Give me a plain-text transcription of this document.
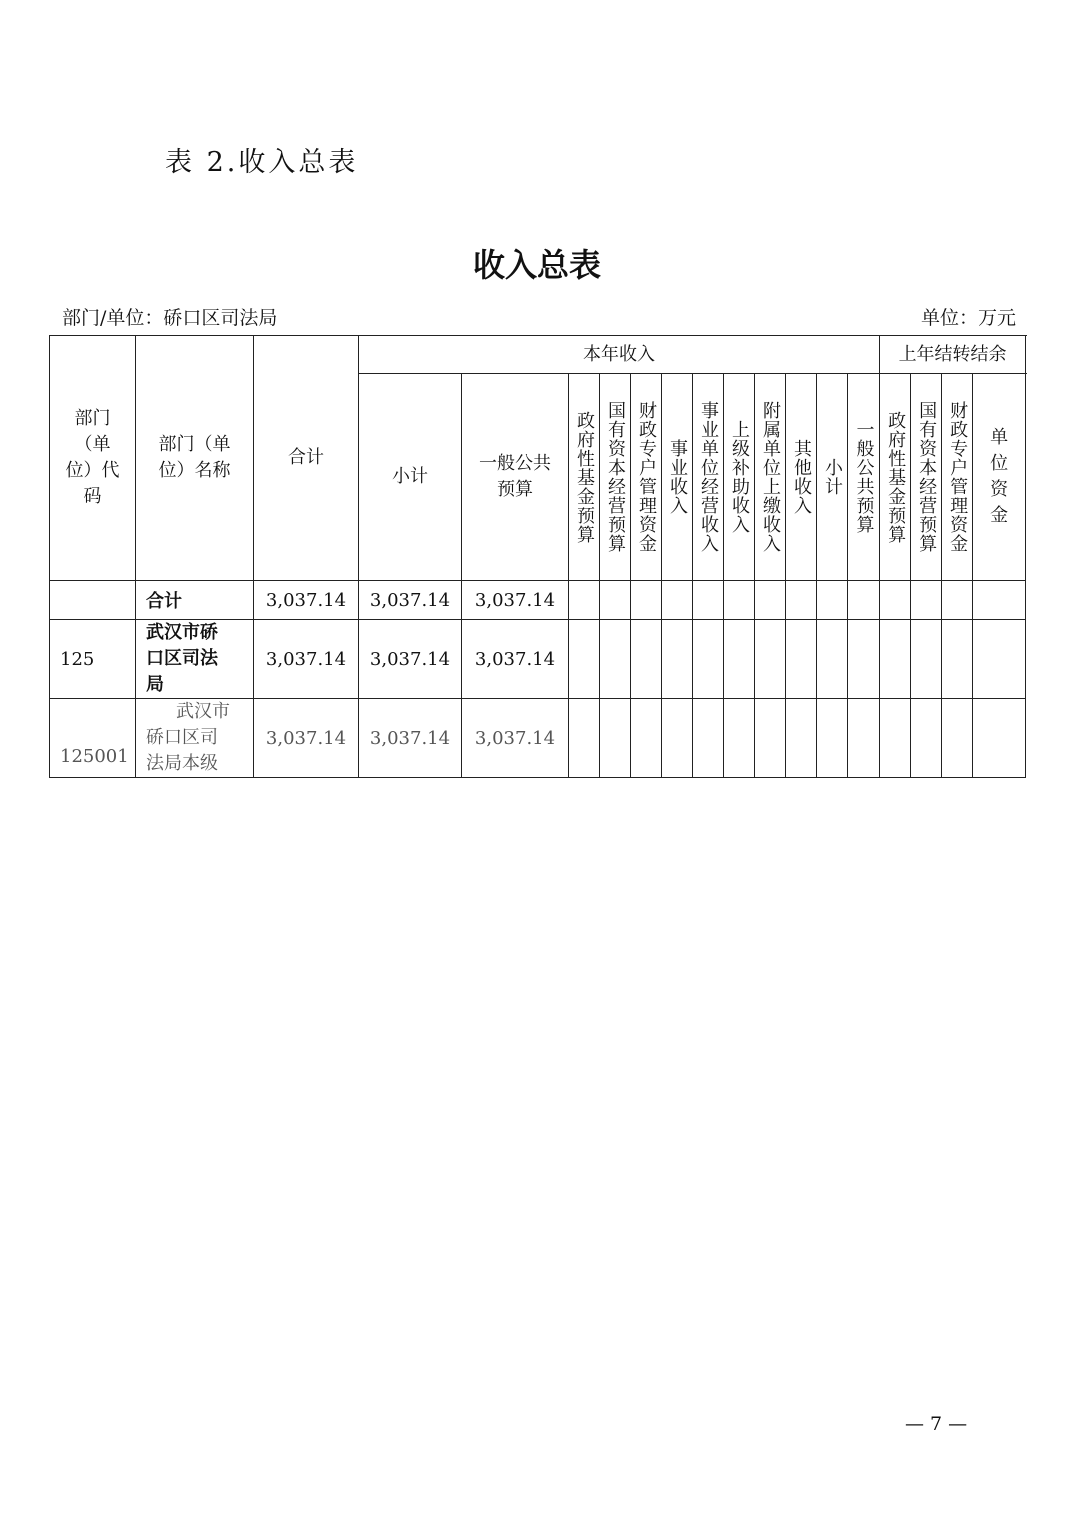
表 2.收入总表
收入总表
部门/单位：硚口区司法局	单位：万元
部门（单位）代码	部门（单位）名称	合计	本年收入												上年结转结余			
			小计	一般公共预算	政府性基金预算	国有资本经营预算	财政专户管理资金	事业收入	事业单位经营收入	上级补助收入	附属单位上缴收入	其他收入	小计	一般公共预算	政府性基金预算	国有资本经营预算	财政专户管理资金	单位资金

	合计	3,037.14	3,037.14	3,037.14														
125	武汉市硚口区司法局	3,037.14	3,037.14	3,037.14														
125001	武汉市硚口区司法局本级	3,037.14	3,037.14	3,037.14														
— 7 —
